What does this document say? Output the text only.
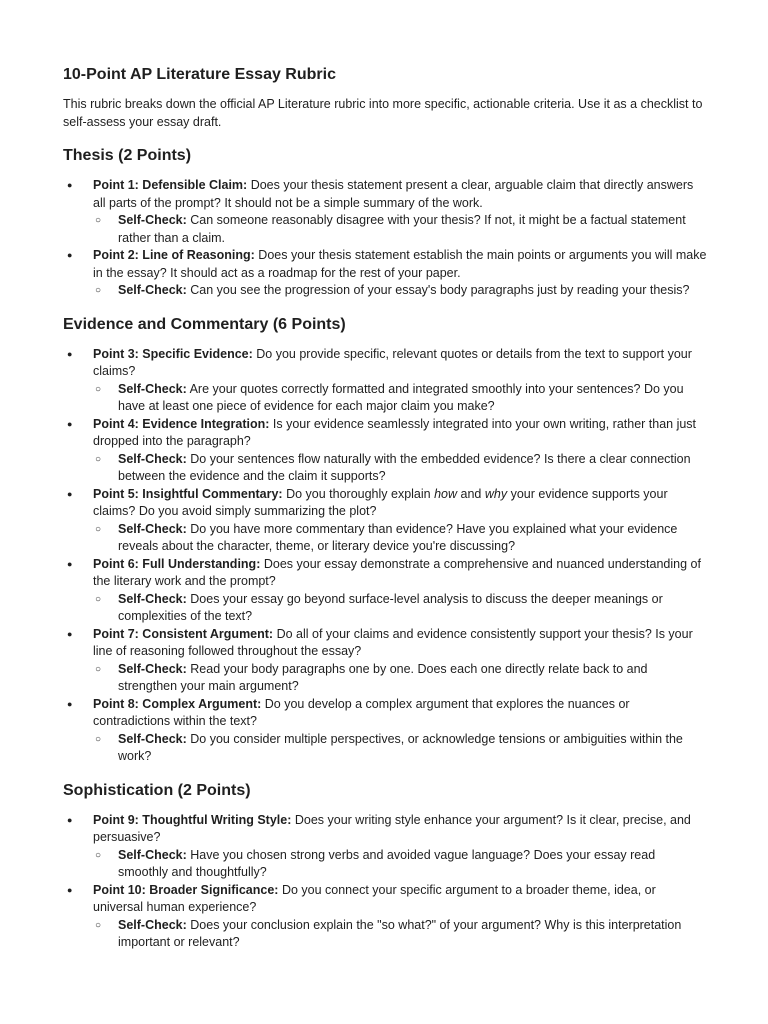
10-Point AP Literature Essay Rubric

This rubric breaks down the official AP Literature rubric into more specific, actionable criteria. Use it as a checklist to self-assess your essay draft.

Thesis (2 Points)
● Point 1: Defensible Claim: Does your thesis statement present a clear, arguable claim that directly answers all parts of the prompt? It should not be a simple summary of the work.
○ Self-Check: Can someone reasonably disagree with your thesis? If not, it might be a factual statement rather than a claim.
● Point 2: Line of Reasoning: Does your thesis statement establish the main points or arguments you will make in the essay? It should act as a roadmap for the rest of your paper.
○ Self-Check: Can you see the progression of your essay's body paragraphs just by reading your thesis?
Evidence and Commentary (6 Points)
● Point 3: Specific Evidence: Do you provide specific, relevant quotes or details from the text to support your claims?
○ Self-Check: Are your quotes correctly formatted and integrated smoothly into your sentences? Do you have at least one piece of evidence for each major claim you make?
● Point 4: Evidence Integration: Is your evidence seamlessly integrated into your own writing, rather than just dropped into the paragraph?
○ Self-Check: Do your sentences flow naturally with the embedded evidence? Is there a clear connection between the evidence and the claim it supports?
● Point 5: Insightful Commentary: Do you thoroughly explain how and why your evidence supports your claims? Do you avoid simply summarizing the plot?
○ Self-Check: Do you have more commentary than evidence? Have you explained what your evidence reveals about the character, theme, or literary device you're discussing?
● Point 6: Full Understanding: Does your essay demonstrate a comprehensive and nuanced understanding of the literary work and the prompt?
○ Self-Check: Does your essay go beyond surface-level analysis to discuss the deeper meanings or complexities of the text?
● Point 7: Consistent Argument: Do all of your claims and evidence consistently support your thesis? Is your line of reasoning followed throughout the essay?
○ Self-Check: Read your body paragraphs one by one. Does each one directly relate back to and strengthen your main argument?
● Point 8: Complex Argument: Do you develop a complex argument that explores the nuances or contradictions within the text?
○ Self-Check: Do you consider multiple perspectives, or acknowledge tensions or ambiguities within the work?
Sophistication (2 Points)
● Point 9: Thoughtful Writing Style: Does your writing style enhance your argument? Is it clear, precise, and persuasive?
○ Self-Check: Have you chosen strong verbs and avoided vague language? Does your essay read smoothly and thoughtfully?
● Point 10: Broader Significance: Do you connect your specific argument to a broader theme, idea, or universal human experience?
○ Self-Check: Does your conclusion explain the "so what?" of your argument? Why is this interpretation important or relevant?
